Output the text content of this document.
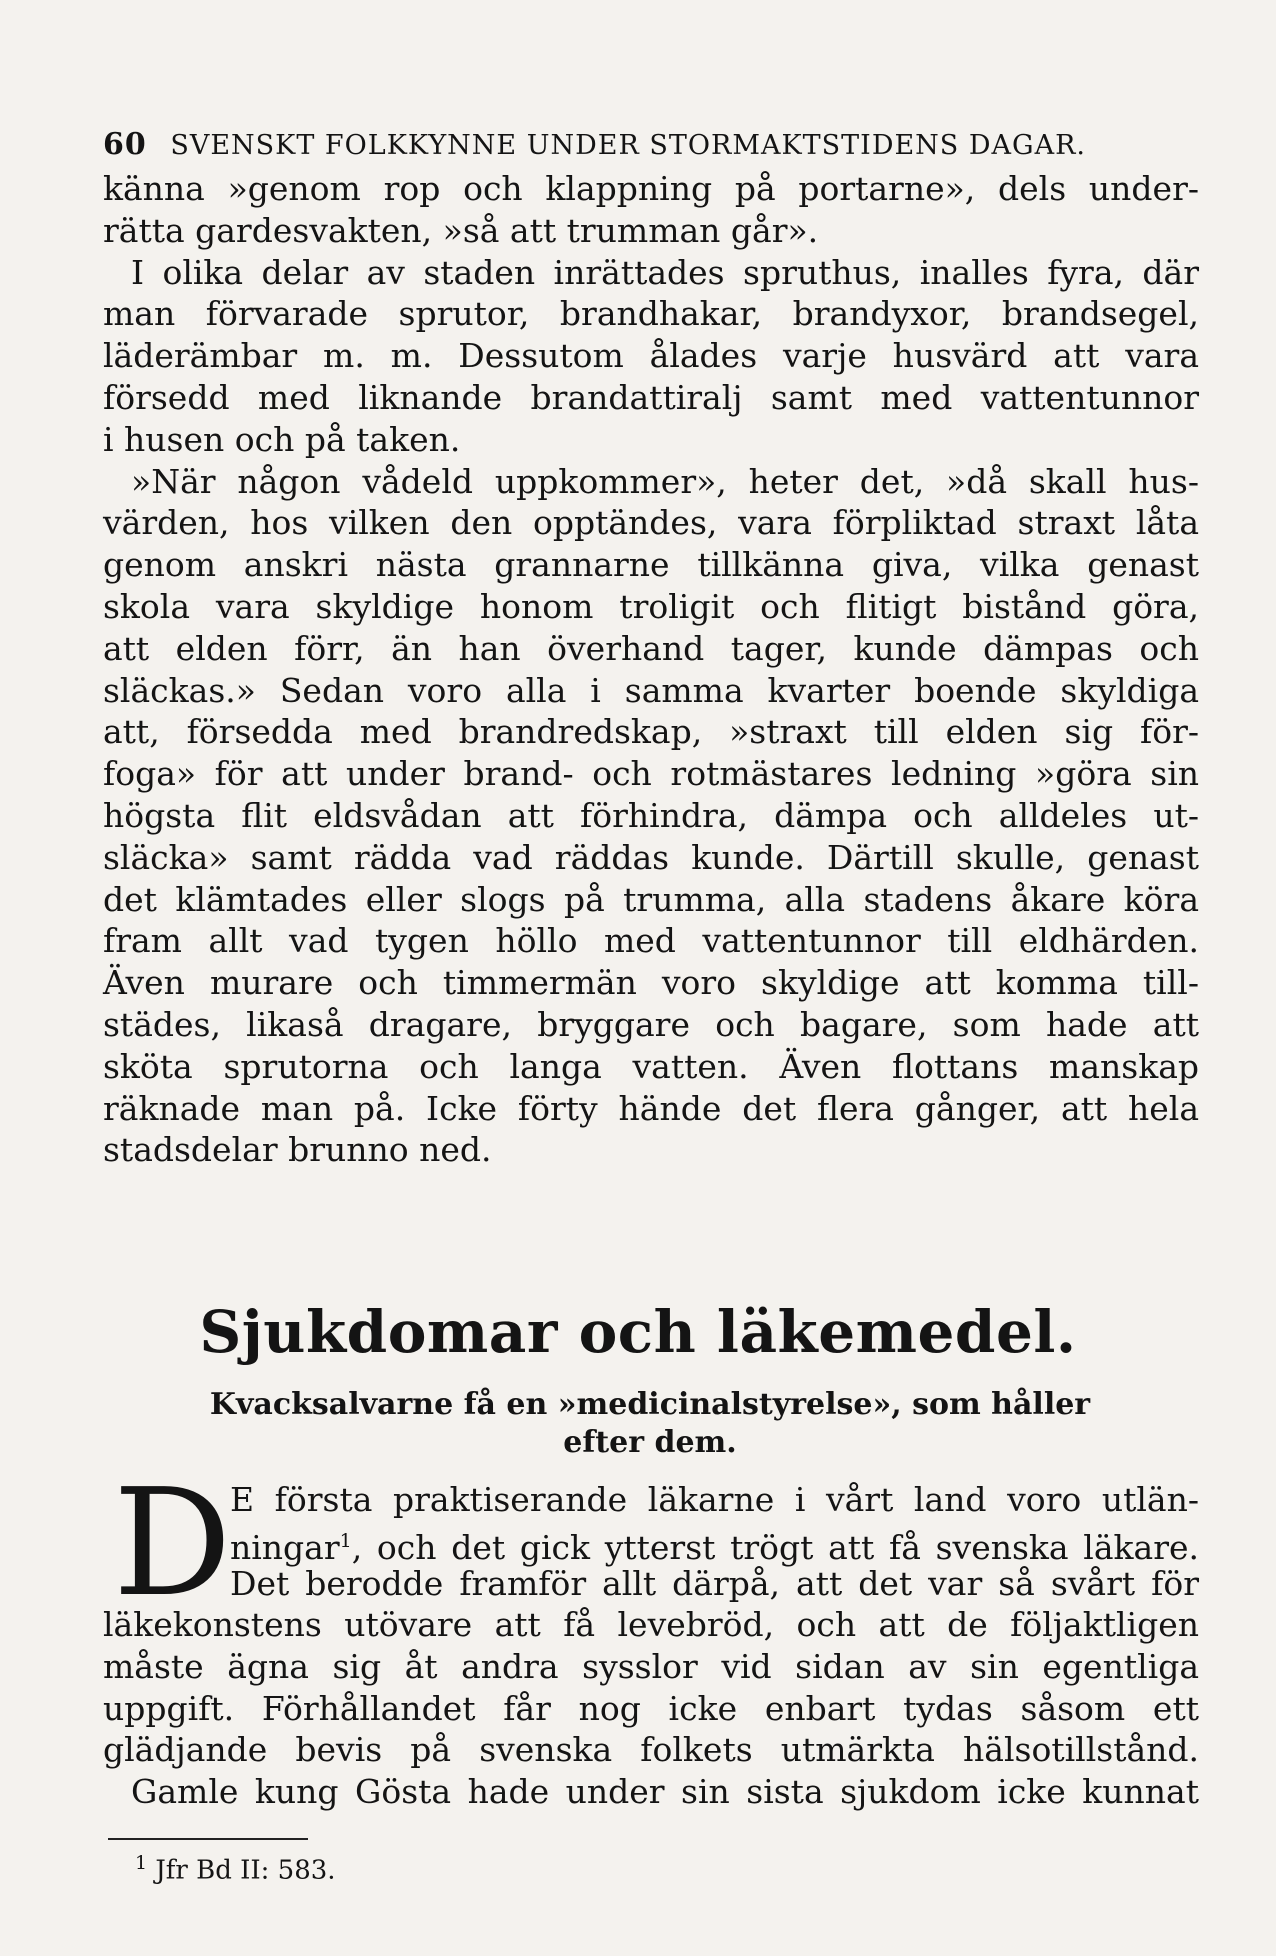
60 SVENSKT FOLKKYNNE UNDER STORMAKTSTIDENS DAGAR.
känna »genom rop och klappning på portarne», dels under-
rätta gardesvakten, »så att trumman går».
I olika delar av staden inrättades spruthus, inalles fyra, där
man förvarade sprutor, brandhakar, brandyxor, brandsegel,
läderämbar m. m. Dessutom ålades varje husvärd att vara
försedd med liknande brandattiralj samt med vattentunnor
i husen och på taken.
»När någon vådeld uppkommer», heter det, »då skall hus-
värden, hos vilken den opptändes, vara förpliktad straxt låta
genom anskri nästa grannarne tillkänna giva, vilka genast
skola vara skyldige honom troligit och flitigt bistånd göra,
att elden förr, än han överhand tager, kunde dämpas och
släckas.» Sedan voro alla i samma kvarter boende skyldiga
att, försedda med brandredskap, »straxt till elden sig för-
foga» för att under brand- och rotmästares ledning »göra sin
högsta flit eldsvådan att förhindra, dämpa och alldeles ut-
släcka» samt rädda vad räddas kunde. Därtill skulle, genast
det klämtades eller slogs på trumma, alla stadens åkare köra
fram allt vad tygen höllo med vattentunnor till eldhärden.
Även murare och timmermän voro skyldige att komma till-
städes, likaså dragare, bryggare och bagare, som hade att
sköta sprutorna och langa vatten. Även flottans manskap
räknade man på. Icke förty hände det flera gånger, att hela
stadsdelar brunno ned.
Sjukdomar och läkemedel.
Kvacksalvarne få en »medicinalstyrelse», som håller
efter dem.
D
E första praktiserande läkarne i vårt land voro utlän-
ningar$^1$, och det gick ytterst trögt att få svenska läkare.
Det berodde framför allt därpå, att det var så svårt för
läkekonstens utövare att få levebröd, och att de följaktligen
måste ägna sig åt andra sysslor vid sidan av sin egentliga
uppgift. Förhållandet får nog icke enbart tydas såsom ett
glädjande bevis på svenska folkets utmärkta hälsotillstånd.
Gamle kung Gösta hade under sin sista sjukdom icke kunnat
$^1$ Jfr Bd II: 583.
